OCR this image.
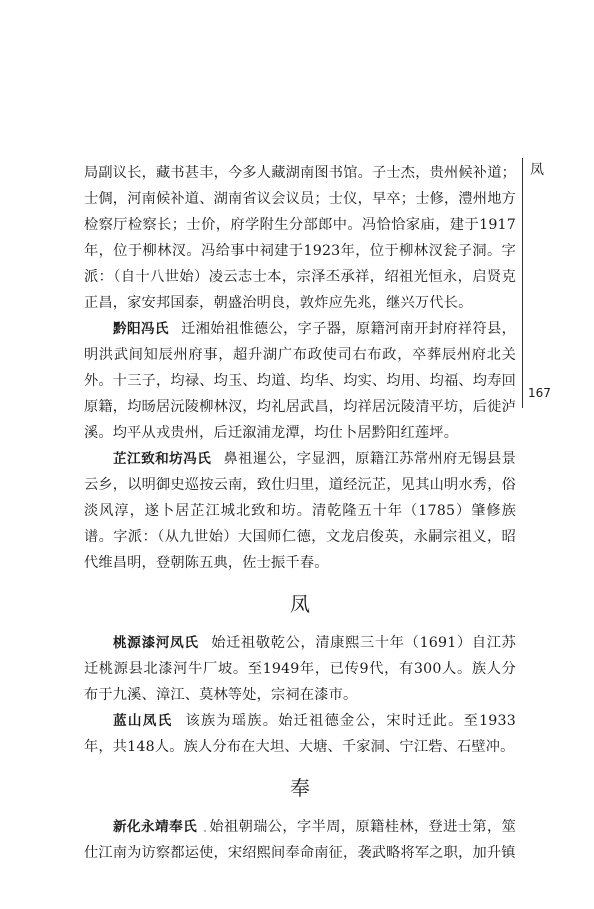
凤
167

局副议长，藏书甚丰，今多人藏湖南图书馆。子士杰，贵州候补道；士倜，河南候补道、湖南省议会议员；士仪，早卒；士修，澧州地方检察厅检察长；士价，府学附生分部郎中。冯恰恰家庙，建于1917年，位于柳林汊。冯给事中祠建于1923年，位于柳林汊瓮子洞。字派：（自十八世始）凌云志士本，宗泽丕承祥，绍祖光恒永，启贤克正昌，家安邦国泰，朝盛治明良，敦炸应先兆，继兴万代长。

黔阳冯氏 迁湘始祖惟德公，字子器，原籍河南开封府祥符县，明洪武间知辰州府事，超升湖广布政使司右布政，卒葬辰州府北关外。十三子，均禄、均玉、均道、均华、均实、均用、均福、均寿回原籍，均旸居沅陵柳林汊，均礼居武昌，均祥居沅陵清平坊，后徙泸溪。均平从戎贵州，后迁溆浦龙潭，均仕卜居黔阳红莲坪。

芷江致和坊冯氏 鼻祖暹公，字显泗，原籍江苏常州府无锡县景云乡，以明御史巡按云南，致仕归里，道经沅芷，见其山明水秀，俗淡风淳，遂卜居芷江城北致和坊。清乾隆五十年（1785）肇修族谱。字派：（从九世始）大国师仁德，文龙启俊英，永嗣宗祖义，昭代维昌明，登朝陈五典，佐士振千春。

凤

桃源漆河凤氏 始迁祖敬乾公，清康熙三十年（1691）自江苏迁桃源县北漆河牛厂坡。至1949年，已传9代，有300人。族人分布于九溪、漳江、莫林等处，宗祠在漆市。

蓝山凤氏 该族为瑶族。始迁祖德金公，宋时迁此。至1933年，共148人。族人分布在大坦、大塘、千家洞、宁江砦、石壁冲。

奉

新化永靖奉氏 始祖朝瑞公，字半周，原籍桂林，登进士第，筮仕江南为访察都运使，宋绍熙间奉命南征，袭武略将军之职，加升镇
